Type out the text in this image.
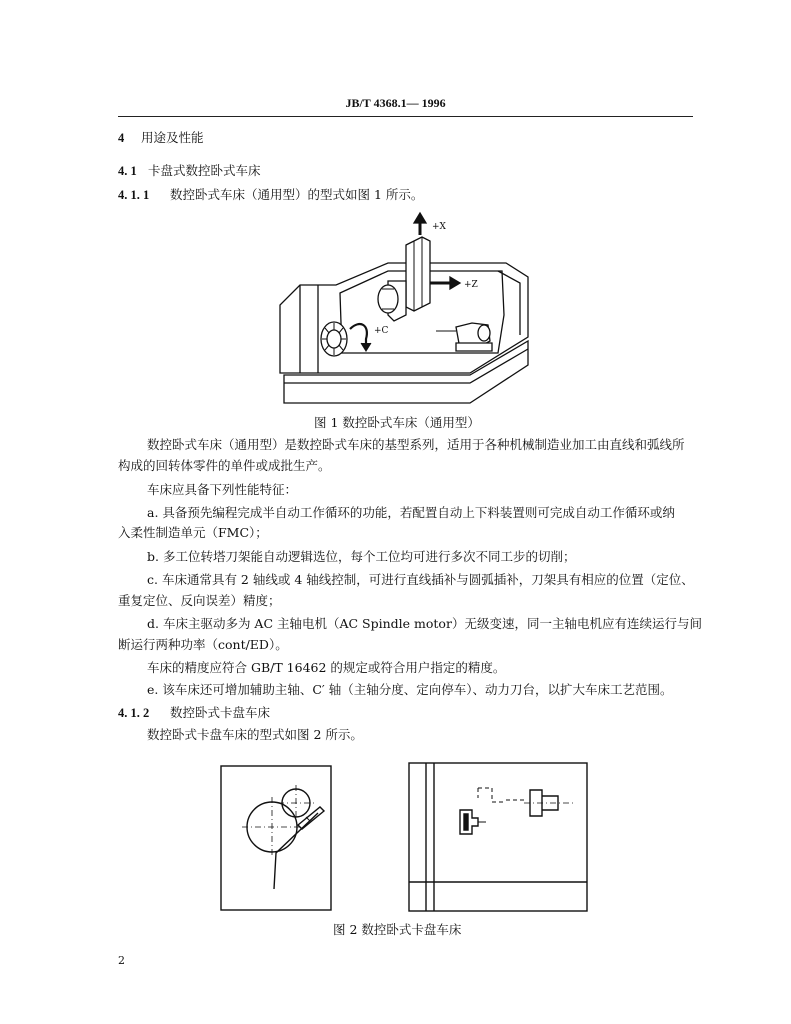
JB/T 4368.1— 1996
4 用途及性能
4. 1 卡盘式数控卧式车床
4. 1. 1 数控卧式车床（通用型）的型式如图 1 所示。
+C
+X
+Z
图 1 数控卧式车床（通用型）
数控卧式车床（通用型）是数控卧式车床的基型系列，适用于各种机械制造业加工由直线和弧线所
构成的回转体零件的单件或成批生产。
车床应具备下列性能特征：
a. 具备预先编程完成半自动工作循环的功能，若配置自动上下料装置则可完成自动工作循环或纳
入柔性制造单元（FMC）；
b. 多工位转塔刀架能自动逻辑选位，每个工位均可进行多次不同工步的切削；
c. 车床通常具有 2 轴线或 4 轴线控制，可进行直线插补与圆弧插补，刀架具有相应的位置（定位、
重复定位、反向误差）精度；
d. 车床主驱动多为 AC 主轴电机（AC Spindle motor）无级变速，同一主轴电机应有连续运行与间
断运行两种功率（cont/ED）。
车床的精度应符合 GB/T 16462 的规定或符合用户指定的精度。
e. 该车床还可增加辅助主轴、C′ 轴（主轴分度、定向停车）、动力刀台，以扩大车床工艺范围。
4. 1. 2 数控卧式卡盘车床
数控卧式卡盘车床的型式如图 2 所示。
图 2 数控卧式卡盘车床
2
